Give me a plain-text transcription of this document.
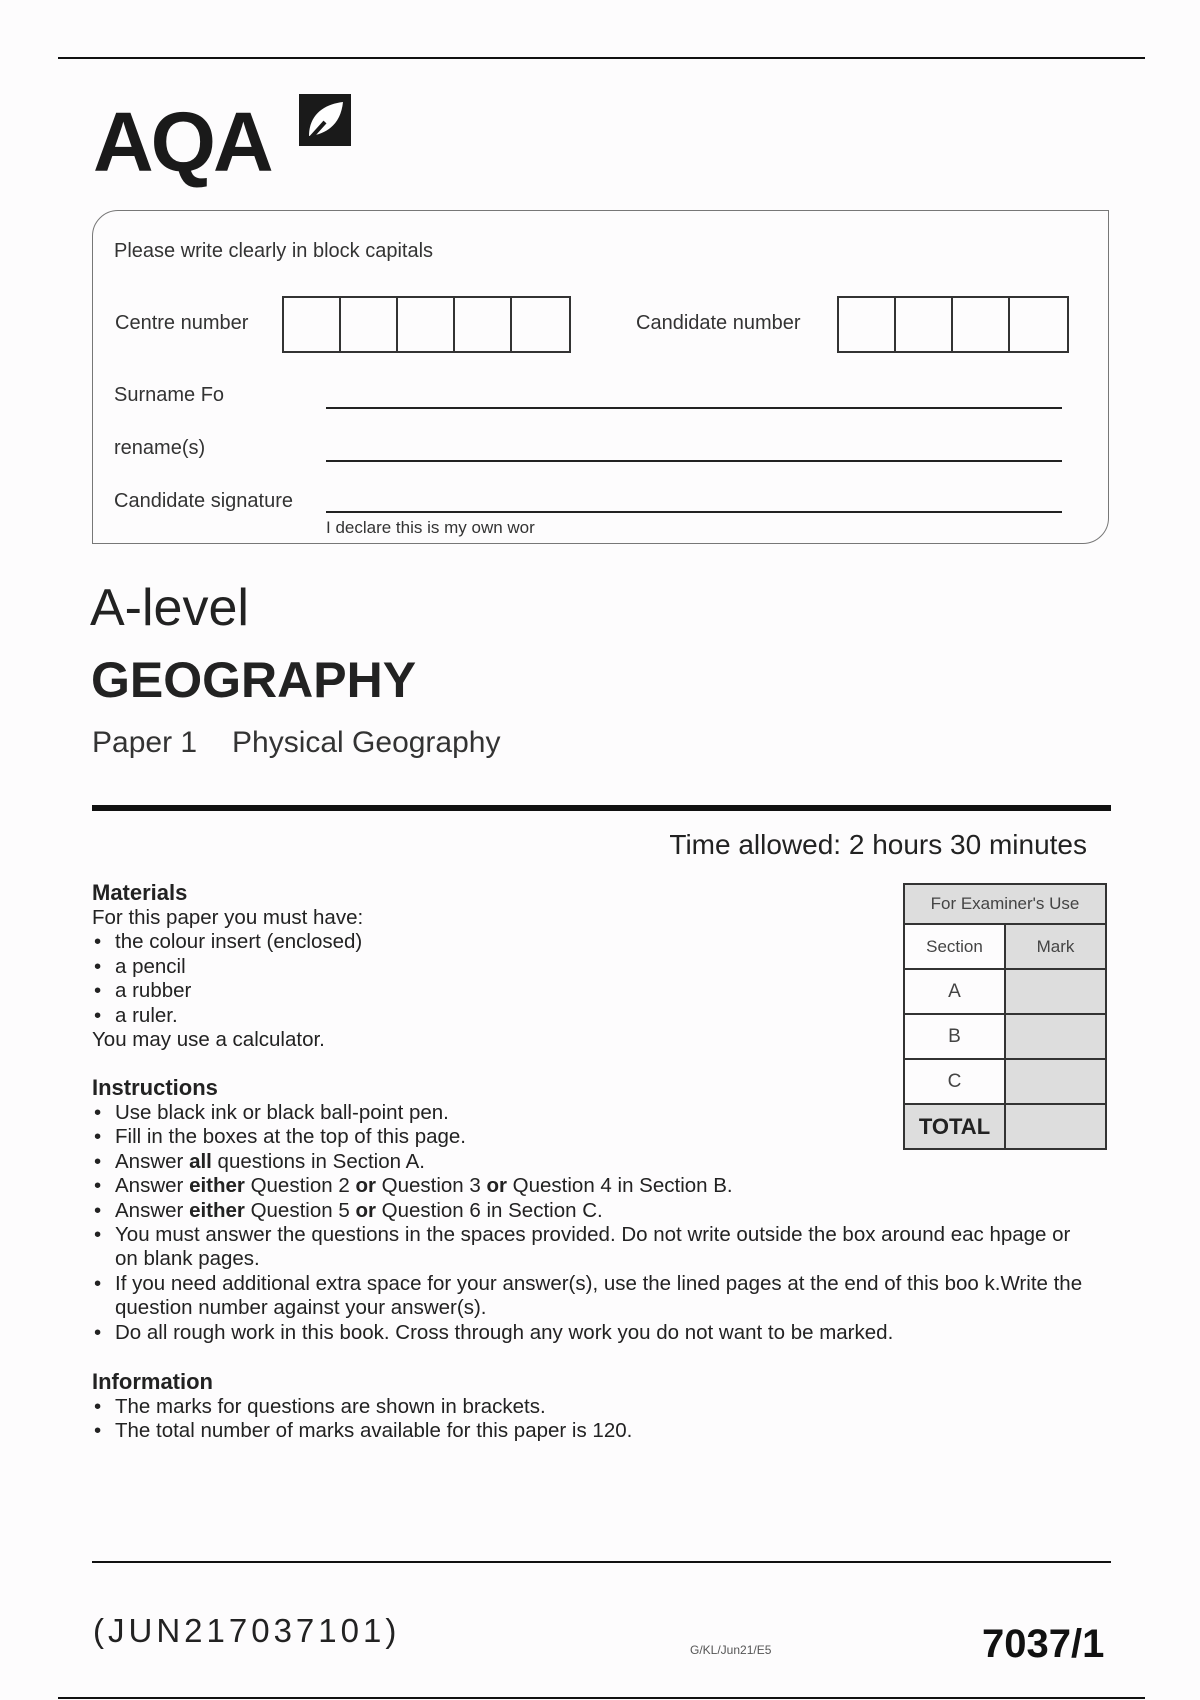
AQA
Please write clearly in block capitals
Centre number	Candidate number
Surname Fo
rename(s)
Candidate signature
I declare this is my own wor
A-level
GEOGRAPHY
Paper 1 Physical Geography
Time allowed: 2 hours 30 minutes
Materials
For this paper you must have:
• the colour insert (enclosed)
• a pencil
• a rubber
• a ruler.
You may use a calculator.
Instructions
• Use black ink or black ball-point pen.
• Fill in the boxes at the top of this page.
• Answer all questions in Section A.
• Answer either Question 2 or Question 3 or Question 4 in Section B.
• Answer either Question 5 or Question 6 in Section C.
• You must answer the questions in the spaces provided. Do not write outside the box around eac hpage or on blank pages.
• If you need additional extra space for your answer(s), use the lined pages at the end of this boo k.Write the question number against your answer(s).
• Do all rough work in this book. Cross through any work you do not want to be marked.
Information
• The marks for questions are shown in brackets.
• The total number of marks available for this paper is 120.
For Examiner's Use	
Section	Mark
A	
B	
C	
TOTAL	
(JUN217037101)
G/KL/Jun21/E5	7037/1
